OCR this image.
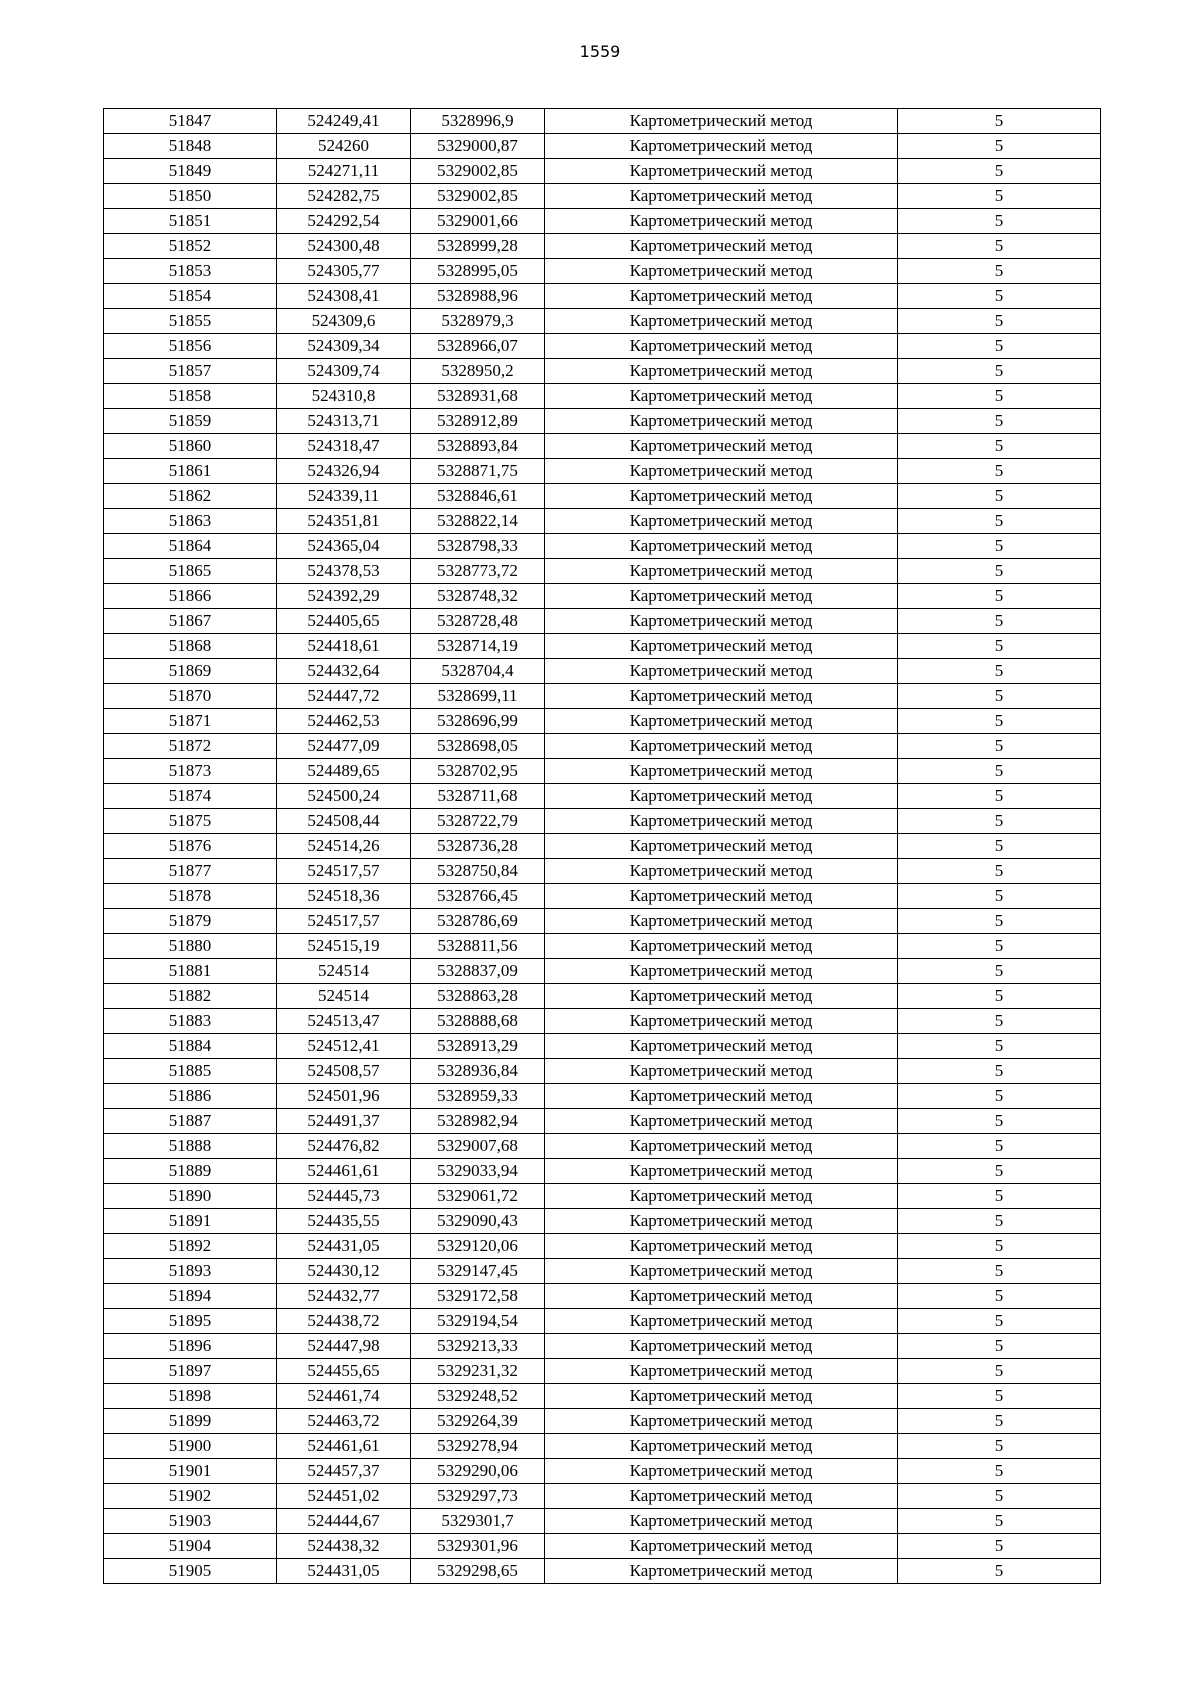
1559
51847	524249,41	5328996,9	Картометрический метод	5
51848	524260	5329000,87	Картометрический метод	5
51849	524271,11	5329002,85	Картометрический метод	5
51850	524282,75	5329002,85	Картометрический метод	5
51851	524292,54	5329001,66	Картометрический метод	5
51852	524300,48	5328999,28	Картометрический метод	5
51853	524305,77	5328995,05	Картометрический метод	5
51854	524308,41	5328988,96	Картометрический метод	5
51855	524309,6	5328979,3	Картометрический метод	5
51856	524309,34	5328966,07	Картометрический метод	5
51857	524309,74	5328950,2	Картометрический метод	5
51858	524310,8	5328931,68	Картометрический метод	5
51859	524313,71	5328912,89	Картометрический метод	5
51860	524318,47	5328893,84	Картометрический метод	5
51861	524326,94	5328871,75	Картометрический метод	5
51862	524339,11	5328846,61	Картометрический метод	5
51863	524351,81	5328822,14	Картометрический метод	5
51864	524365,04	5328798,33	Картометрический метод	5
51865	524378,53	5328773,72	Картометрический метод	5
51866	524392,29	5328748,32	Картометрический метод	5
51867	524405,65	5328728,48	Картометрический метод	5
51868	524418,61	5328714,19	Картометрический метод	5
51869	524432,64	5328704,4	Картометрический метод	5
51870	524447,72	5328699,11	Картометрический метод	5
51871	524462,53	5328696,99	Картометрический метод	5
51872	524477,09	5328698,05	Картометрический метод	5
51873	524489,65	5328702,95	Картометрический метод	5
51874	524500,24	5328711,68	Картометрический метод	5
51875	524508,44	5328722,79	Картометрический метод	5
51876	524514,26	5328736,28	Картометрический метод	5
51877	524517,57	5328750,84	Картометрический метод	5
51878	524518,36	5328766,45	Картометрический метод	5
51879	524517,57	5328786,69	Картометрический метод	5
51880	524515,19	5328811,56	Картометрический метод	5
51881	524514	5328837,09	Картометрический метод	5
51882	524514	5328863,28	Картометрический метод	5
51883	524513,47	5328888,68	Картометрический метод	5
51884	524512,41	5328913,29	Картометрический метод	5
51885	524508,57	5328936,84	Картометрический метод	5
51886	524501,96	5328959,33	Картометрический метод	5
51887	524491,37	5328982,94	Картометрический метод	5
51888	524476,82	5329007,68	Картометрический метод	5
51889	524461,61	5329033,94	Картометрический метод	5
51890	524445,73	5329061,72	Картометрический метод	5
51891	524435,55	5329090,43	Картометрический метод	5
51892	524431,05	5329120,06	Картометрический метод	5
51893	524430,12	5329147,45	Картометрический метод	5
51894	524432,77	5329172,58	Картометрический метод	5
51895	524438,72	5329194,54	Картометрический метод	5
51896	524447,98	5329213,33	Картометрический метод	5
51897	524455,65	5329231,32	Картометрический метод	5
51898	524461,74	5329248,52	Картометрический метод	5
51899	524463,72	5329264,39	Картометрический метод	5
51900	524461,61	5329278,94	Картометрический метод	5
51901	524457,37	5329290,06	Картометрический метод	5
51902	524451,02	5329297,73	Картометрический метод	5
51903	524444,67	5329301,7	Картометрический метод	5
51904	524438,32	5329301,96	Картометрический метод	5
51905	524431,05	5329298,65	Картометрический метод	5
